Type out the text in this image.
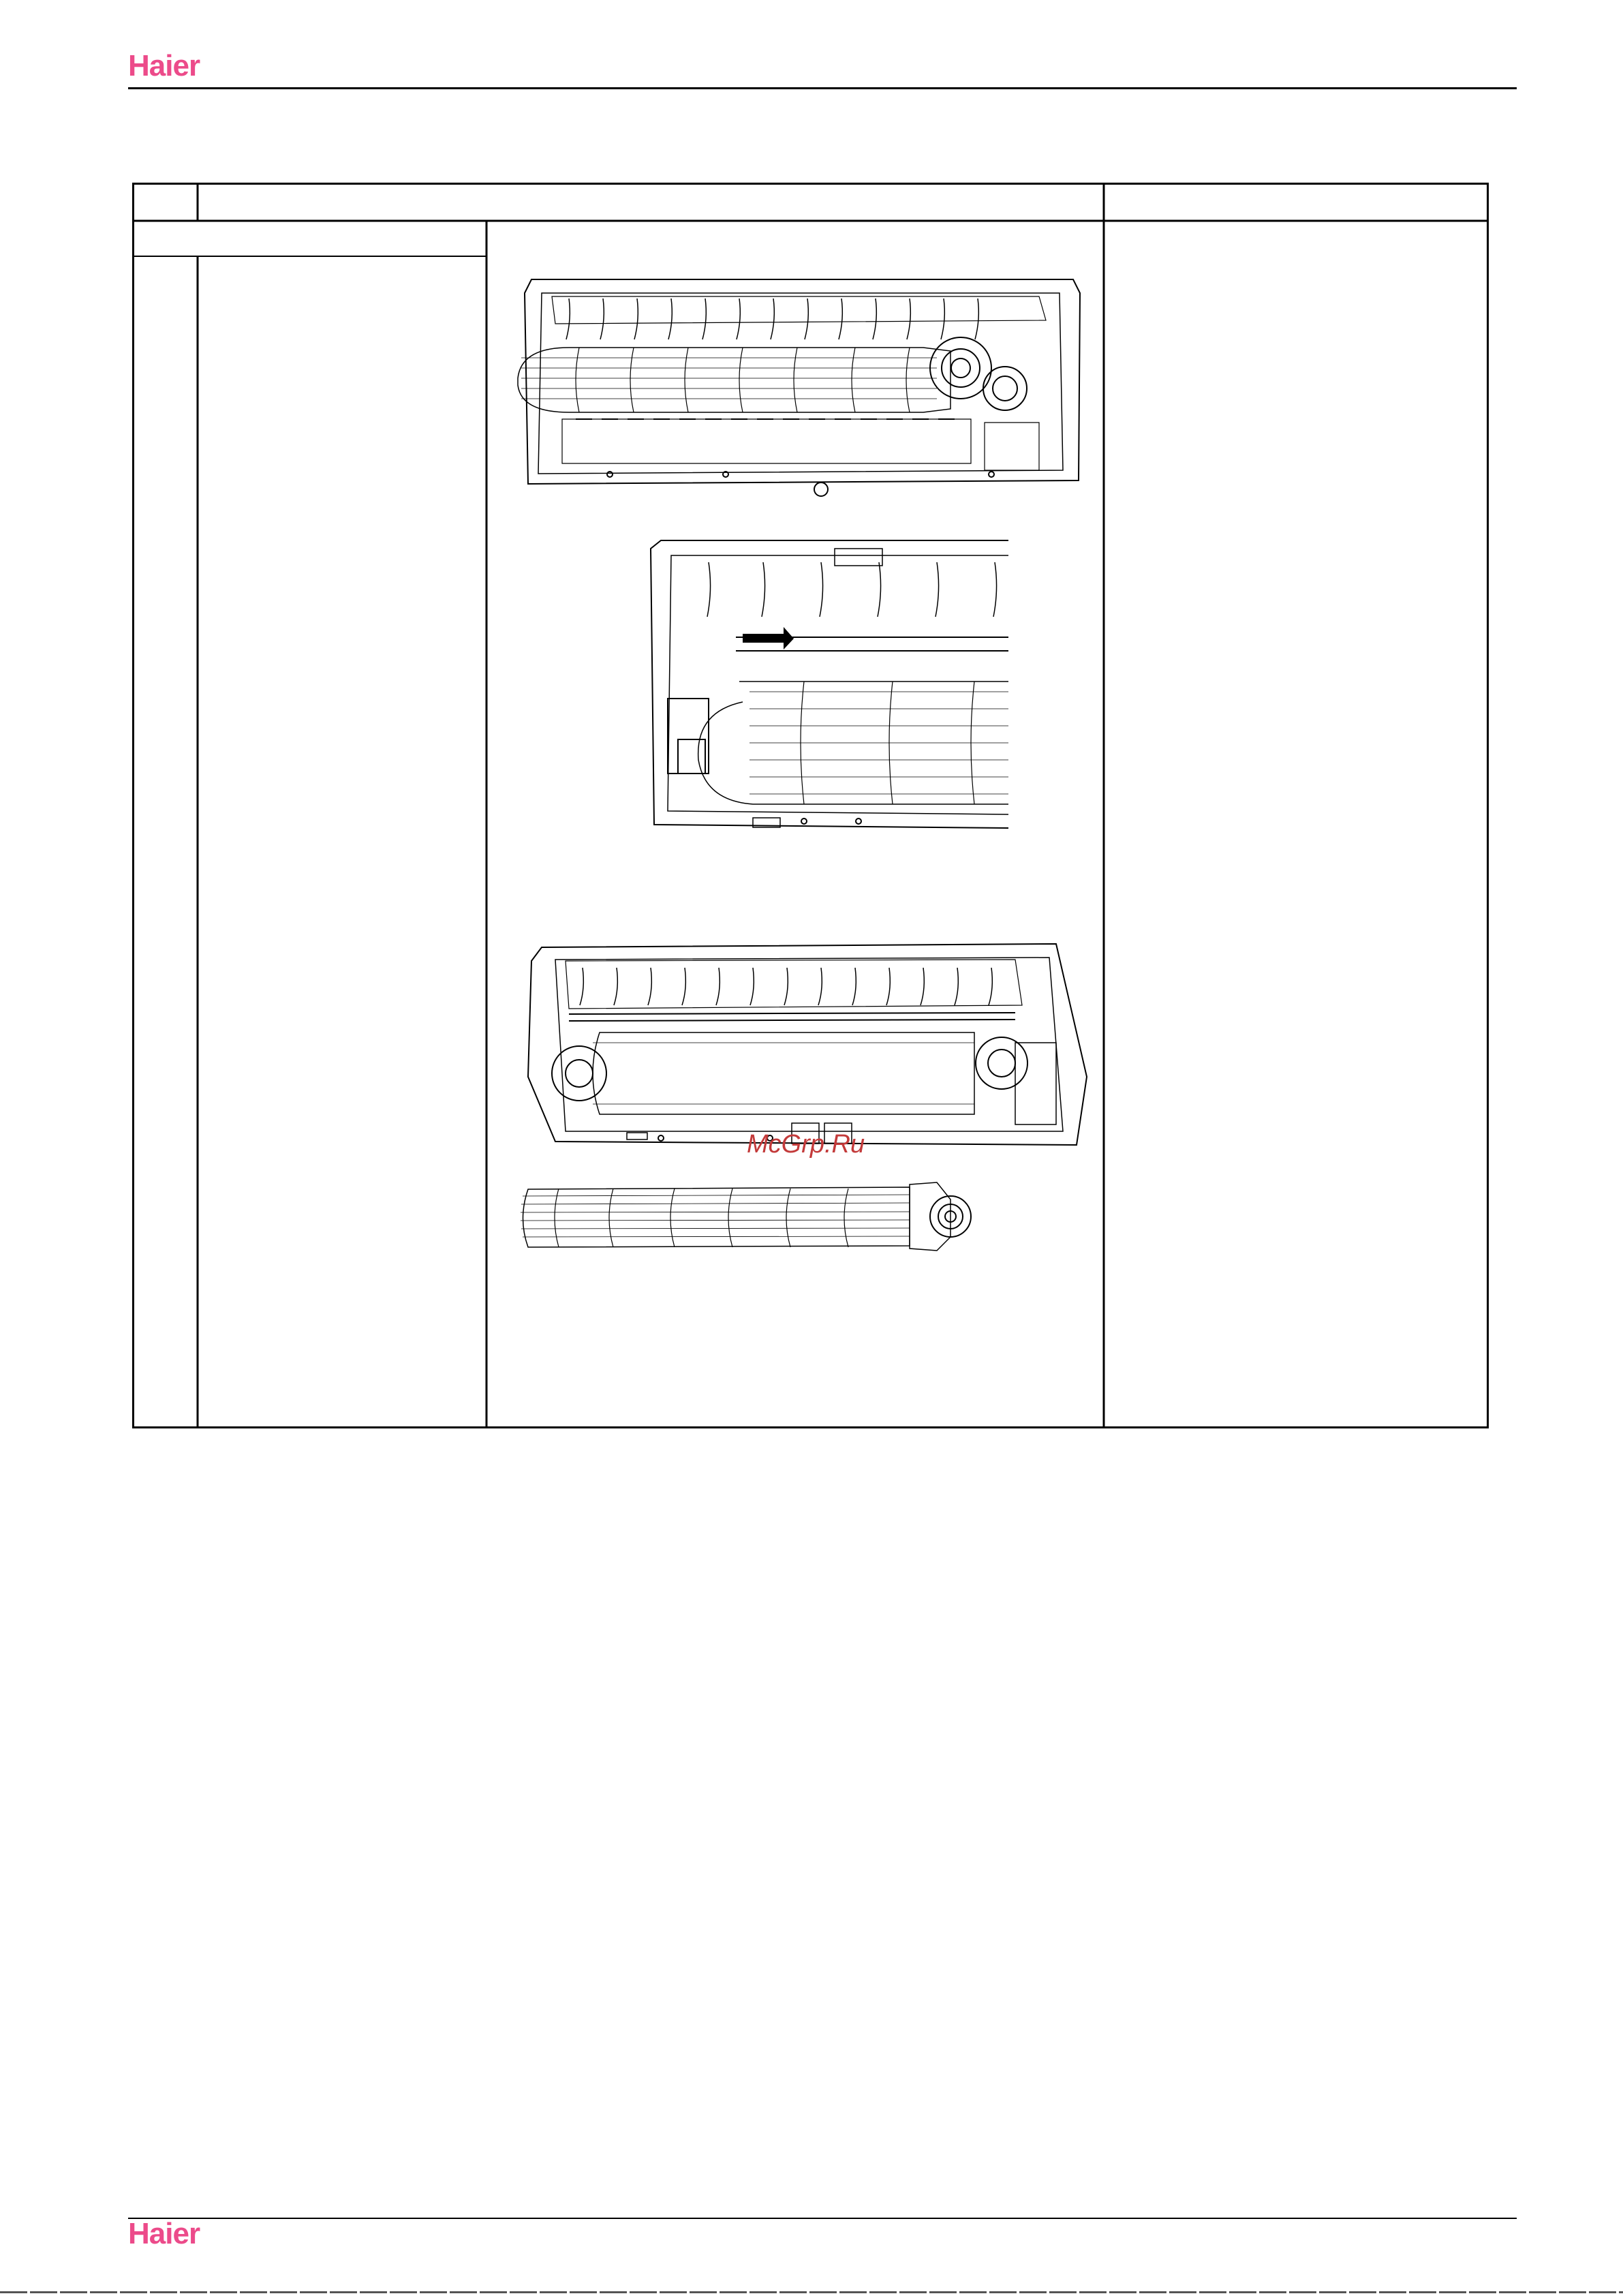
Haier
McGrp.Ru
Haier
